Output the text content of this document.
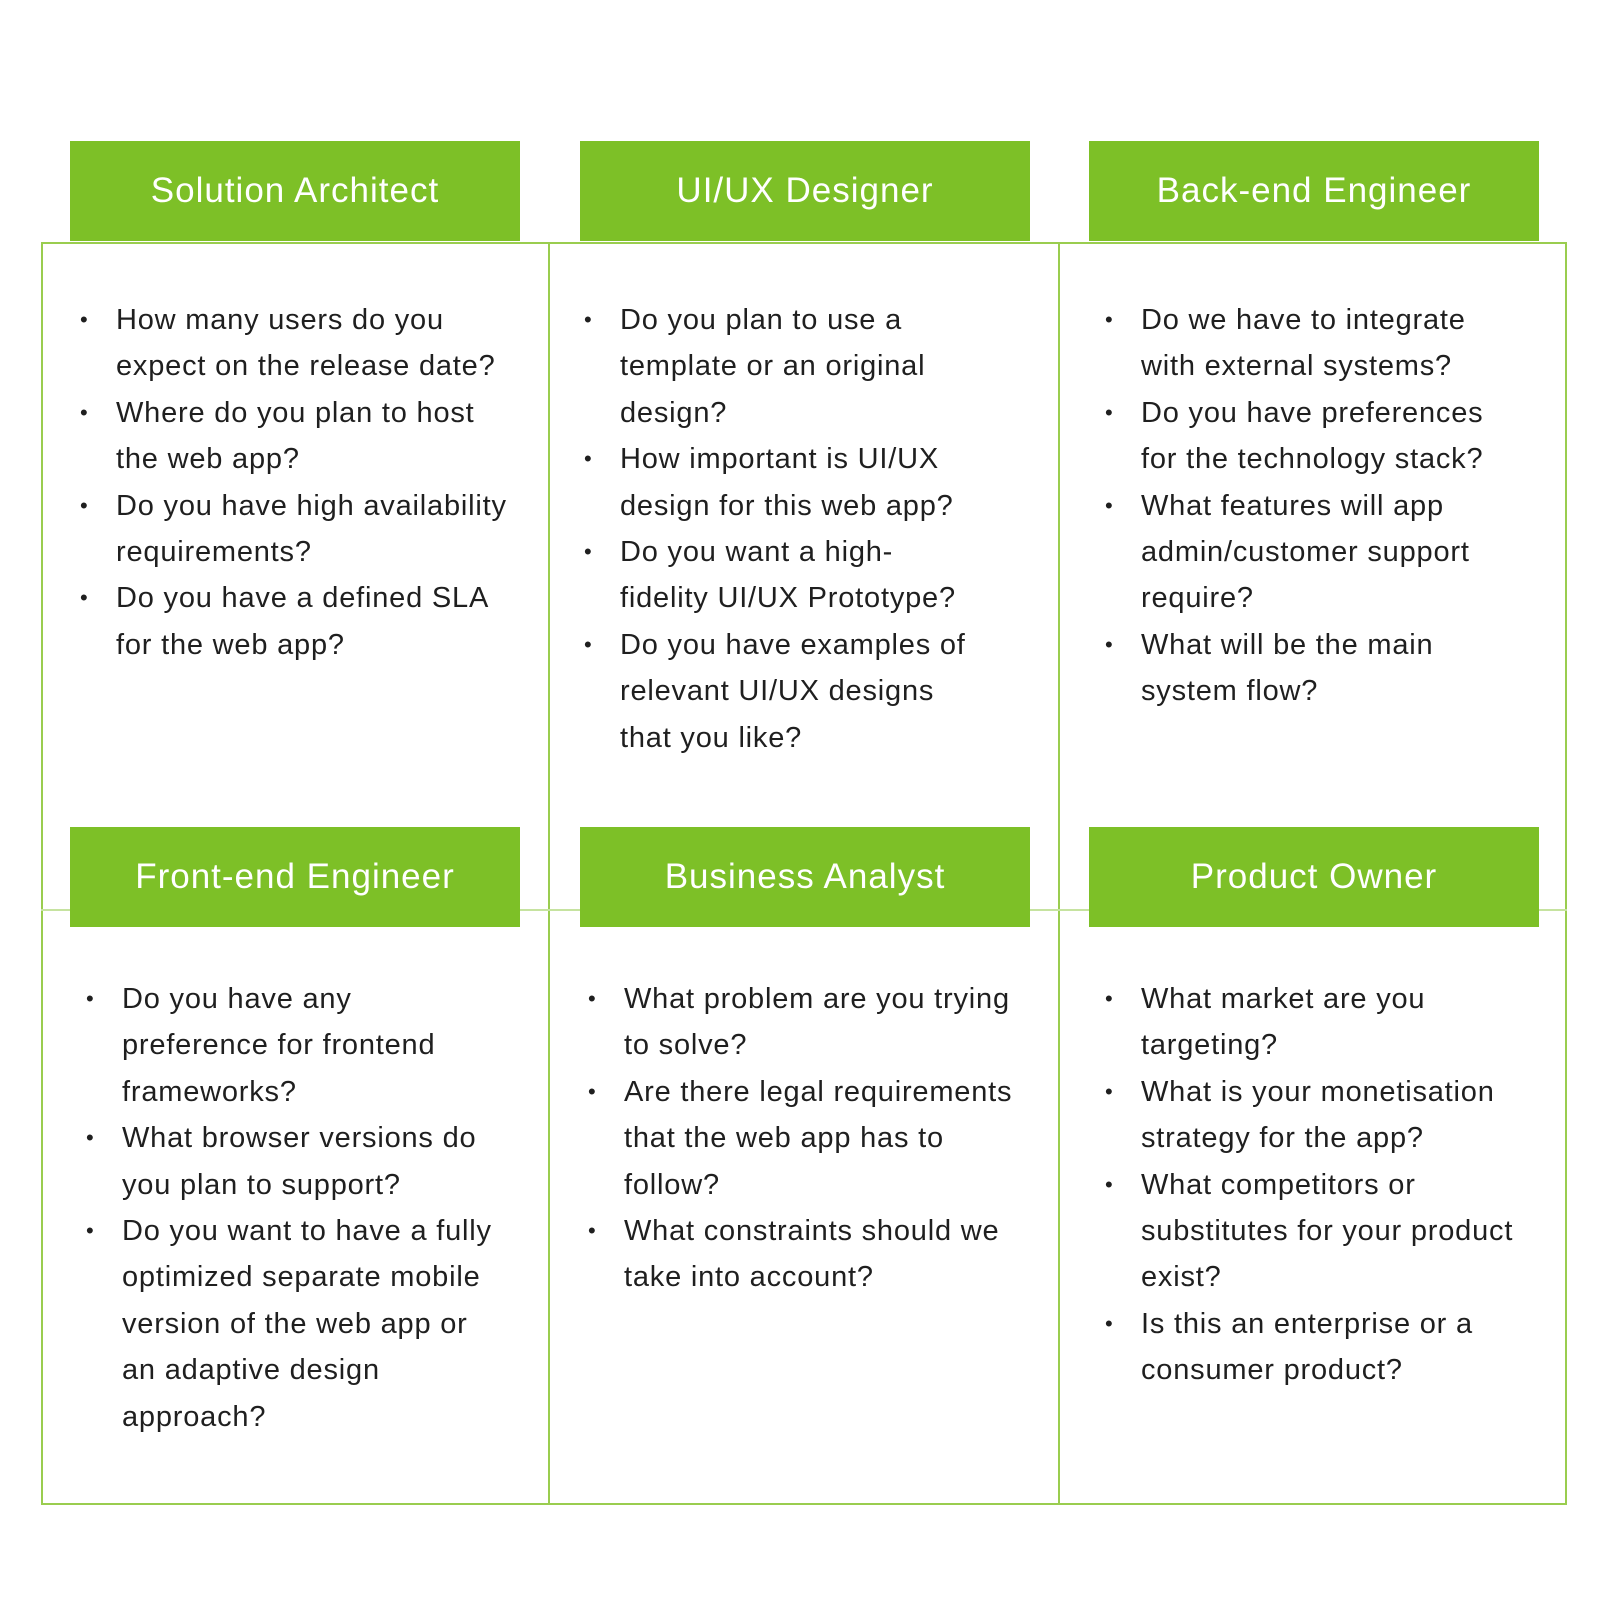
Solution Architect
• How many users do you expect on the release date?
• Where do you plan to host the web app?
• Do you have high availability requirements?
• Do you have a defined SLA for the web app?
UI/UX Designer
• Do you plan to use a template or an original design?
• How important is UI/UX design for this web app?
• Do you want a high-fidelity UI/UX Prototype?
• Do you have examples of relevant UI/UX designs that you like?
Back-end Engineer
• Do we have to integrate with external systems?
• Do you have preferences for the technology stack?
• What features will app admin/customer support require?
• What will be the main system flow?
Front-end Engineer
• Do you have any preference for frontend frameworks?
• What browser versions do you plan to support?
• Do you want to have a fully optimized separate mobile version of the web app or an adaptive design approach?
Business Analyst
• What problem are you trying to solve?
• Are there legal requirements that the web app has to follow?
• What constraints should we take into account?
Product Owner
• What market are you targeting?
• What is your monetisation strategy for the app?
• What competitors or substitutes for your product exist?
• Is this an enterprise or a consumer product?
